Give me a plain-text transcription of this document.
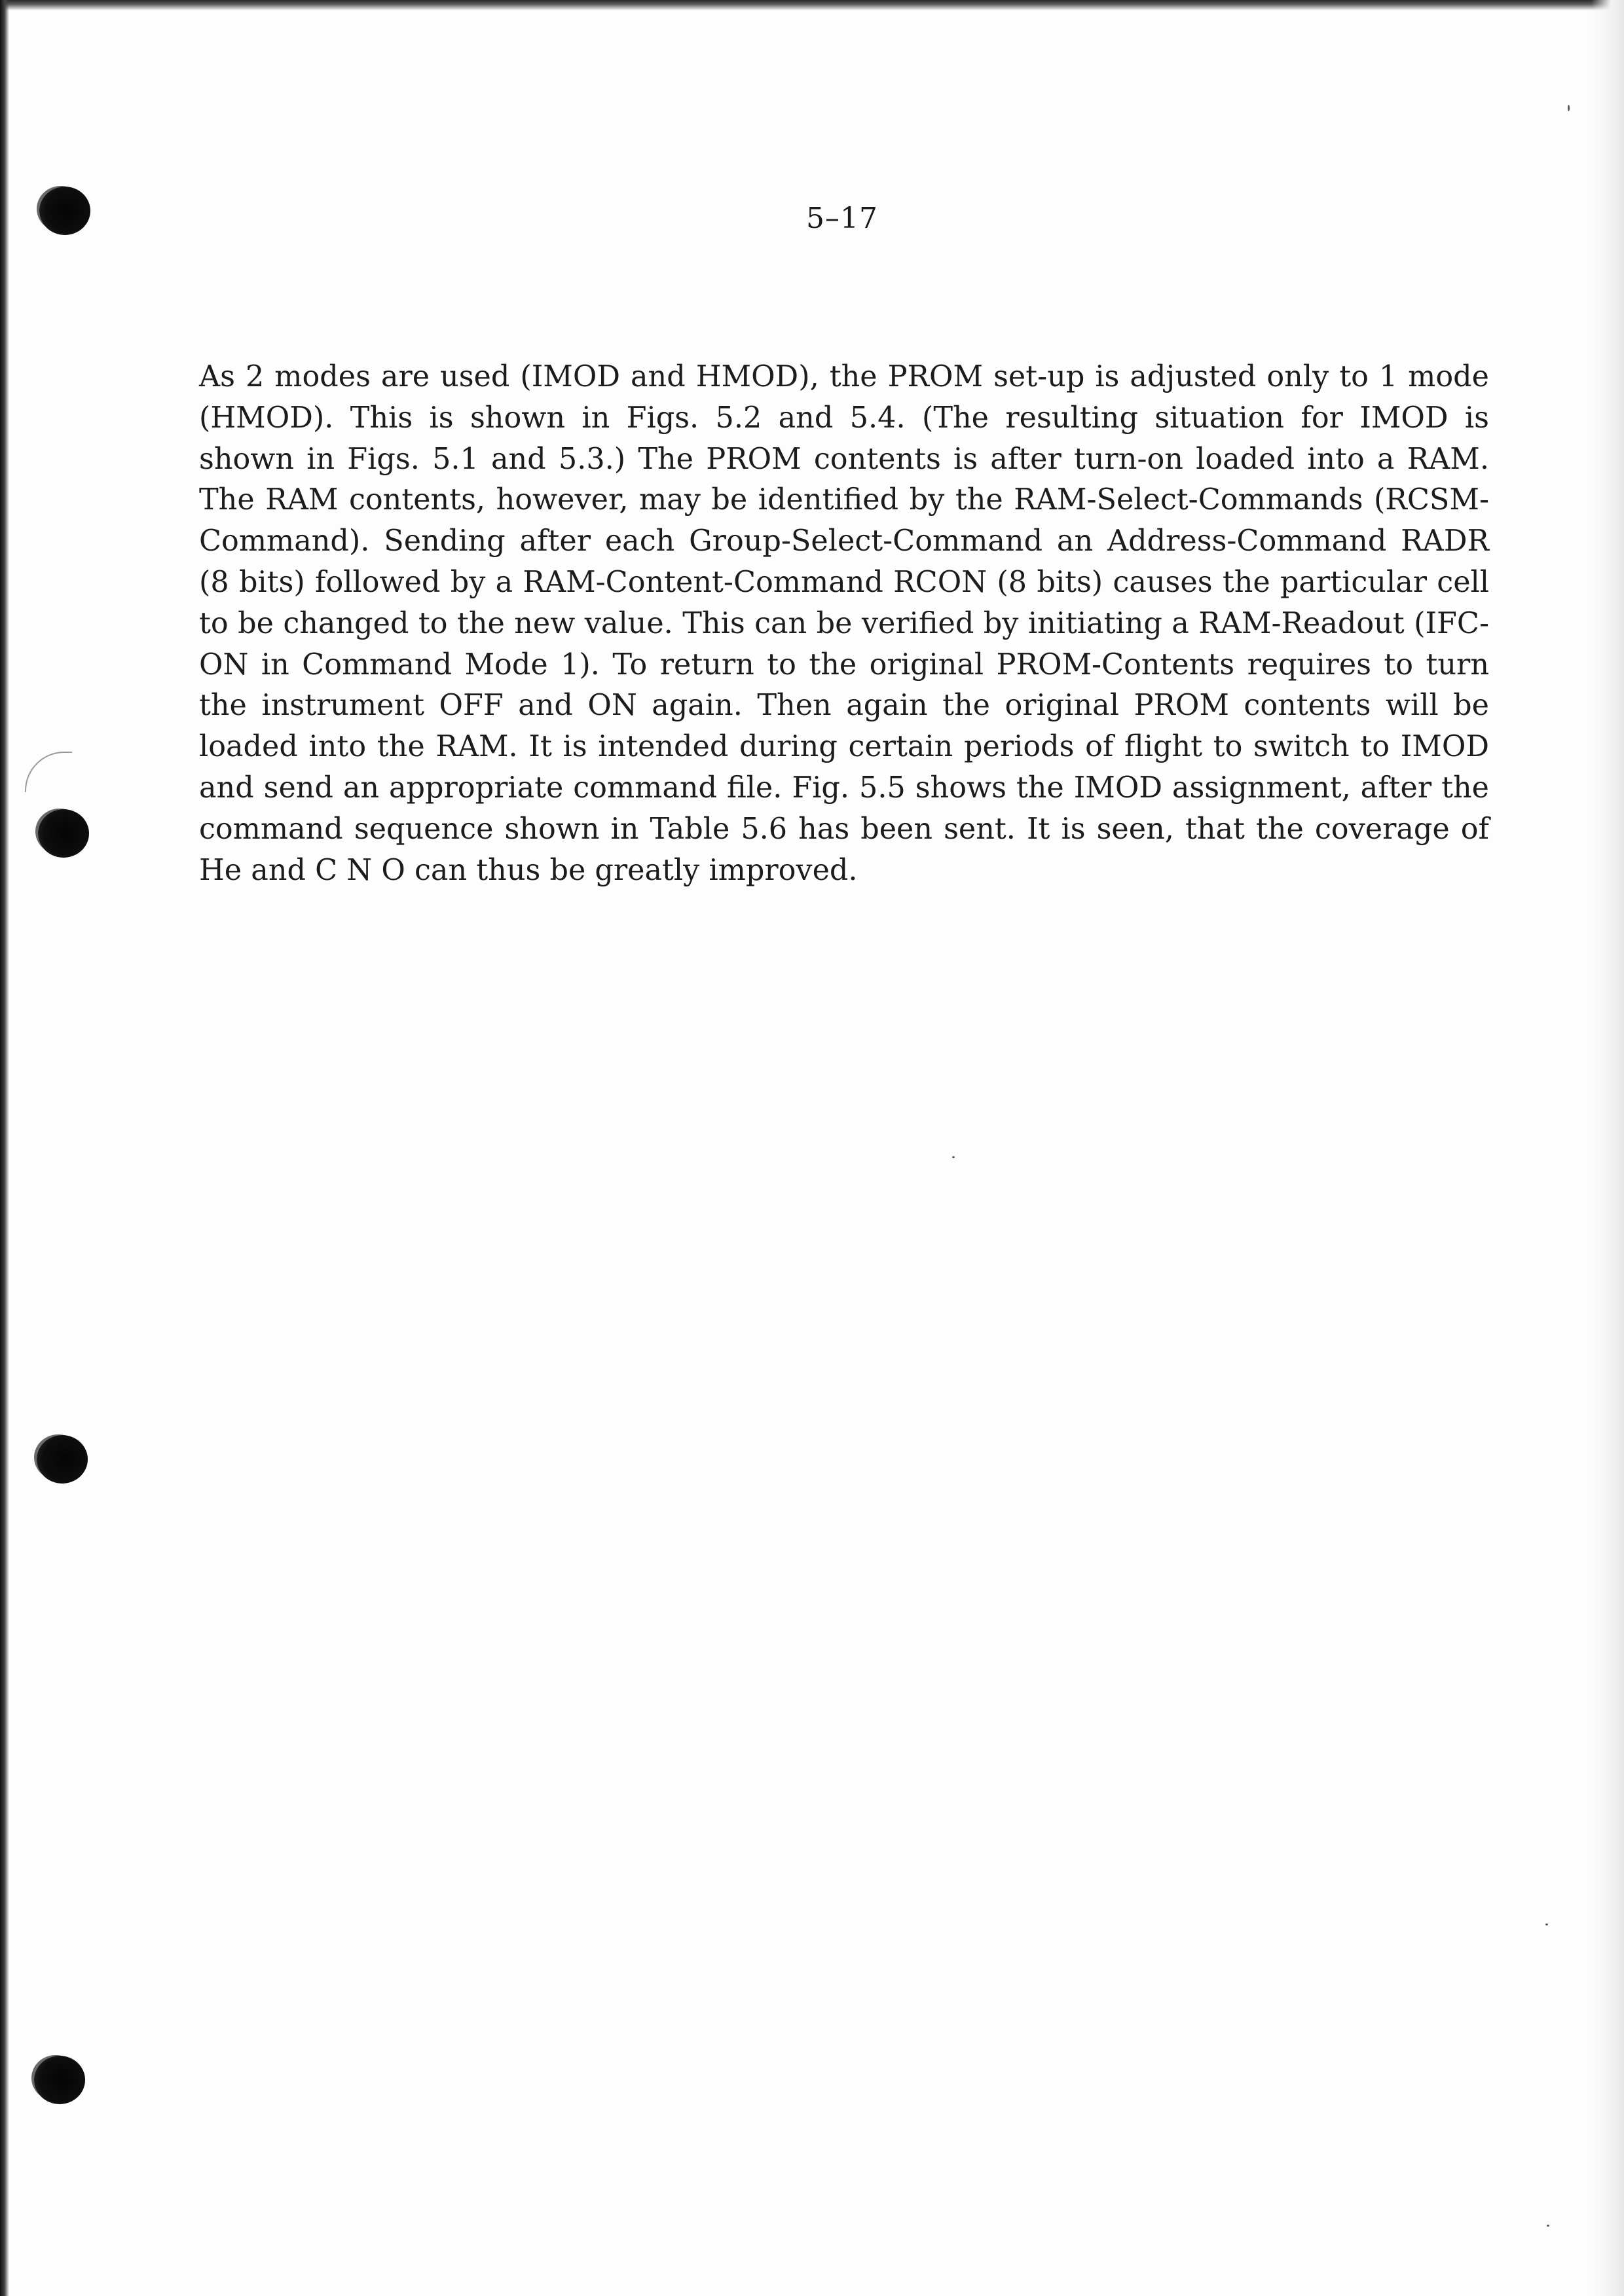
5–17

As 2 modes are used (IMOD and HMOD), the PROM set-up is adjusted only to 1 mode (HMOD). This is shown in Figs. 5.2 and 5.4. (The resulting situation for IMOD is shown in Figs. 5.1 and 5.3.) The PROM contents is after turn-on loaded into a RAM. The RAM contents, however, may be identified by the RAM-Select-Commands (RCSM-Command). Sending after each Group-Select-Command an Address-Command RADR (8 bits) followed by a RAM-Content-Command RCON (8 bits) causes the particular cell to be changed to the new value. This can be verified by initiating a RAM-Readout (IFC-ON in Command Mode 1). To return to the original PROM-Contents requires to turn the instrument OFF and ON again. Then again the original PROM contents will be loaded into the RAM. It is intended during certain periods of flight to switch to IMOD and send an appropriate command file. Fig. 5.5 shows the IMOD assignment, after the command sequence shown in Table 5.6 has been sent. It is seen, that the coverage of He and C N O can thus be greatly improved.
